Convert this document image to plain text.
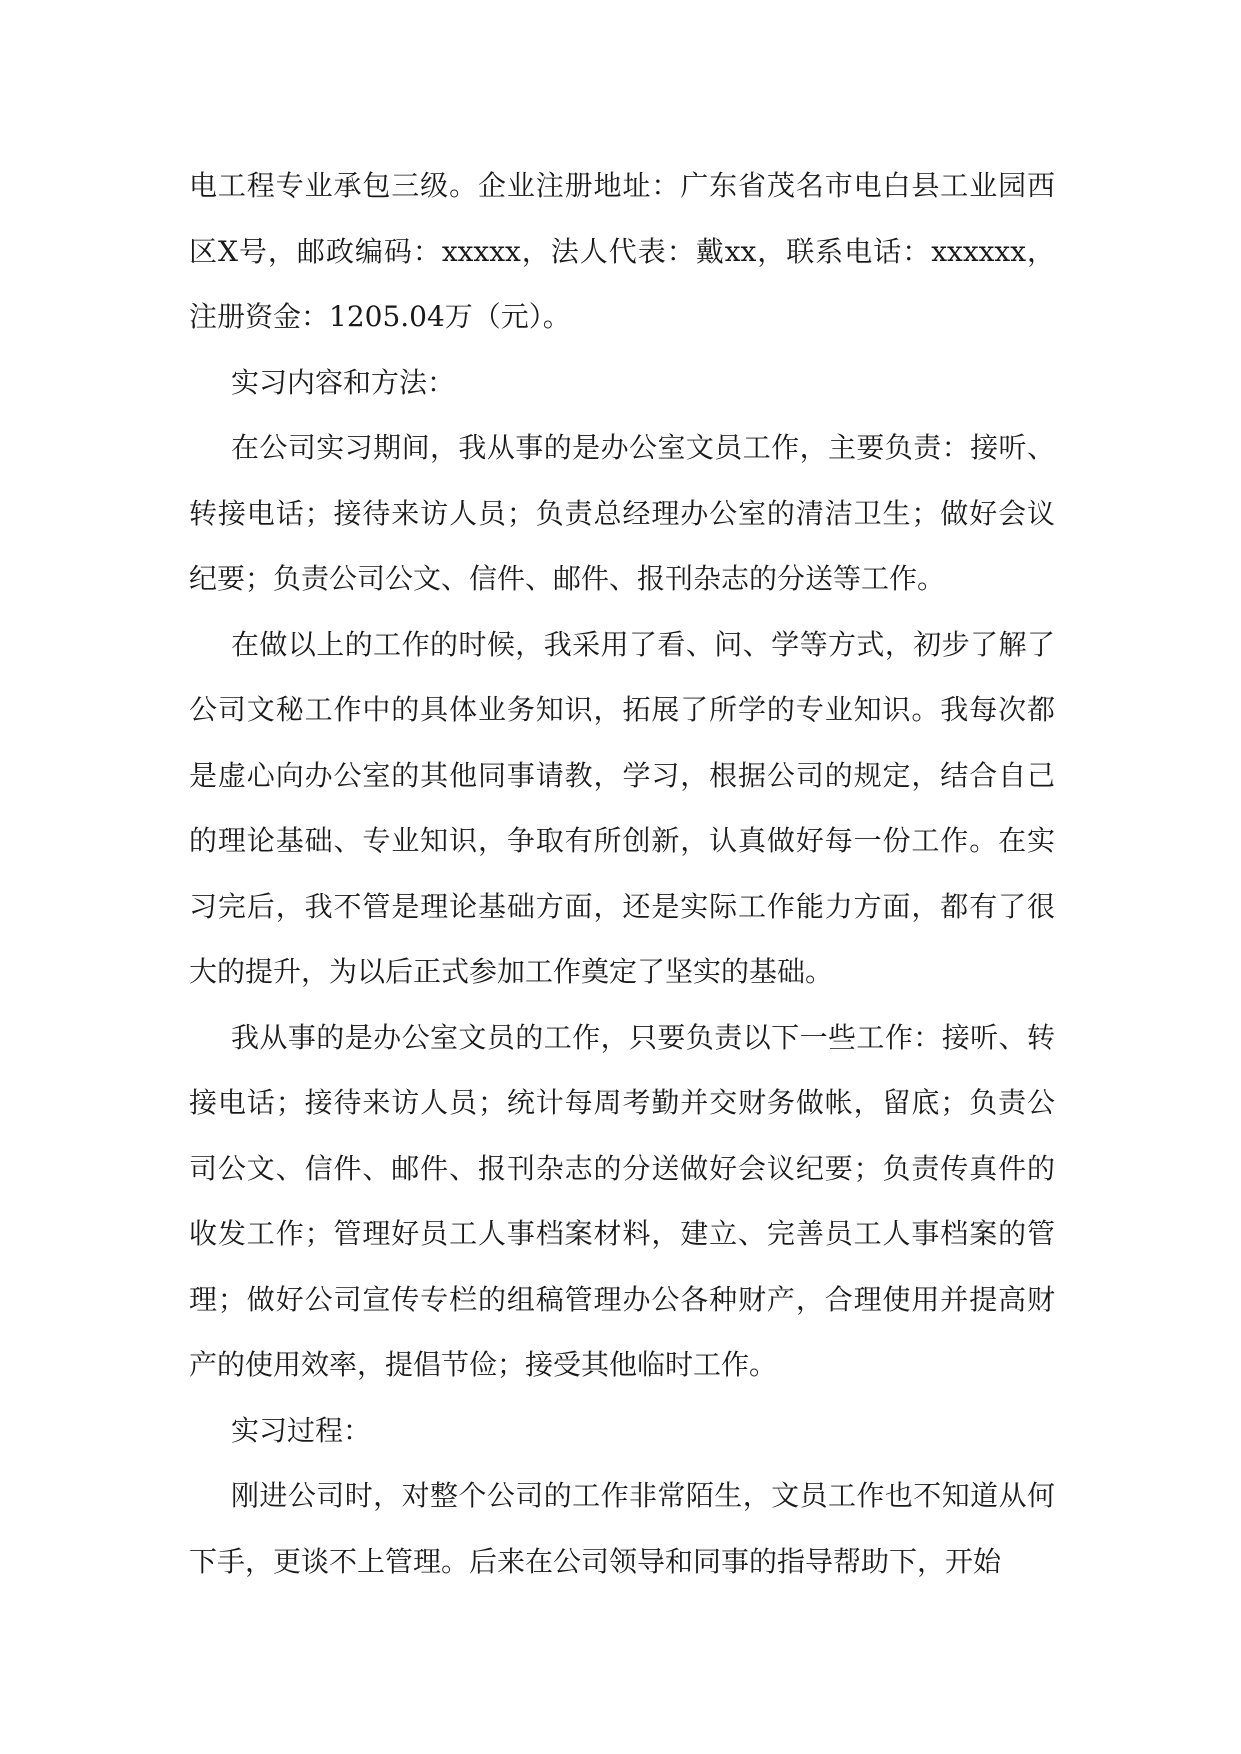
电工程专业承包三级。企业注册地址：广东省茂名市电白县工业园西区X号，邮政编码：xxxxx，法人代表：戴xx，联系电话：xxxxxx，注册资金：1205.04万（元）。

实习内容和方法：

在公司实习期间，我从事的是办公室文员工作，主要负责：接听、转接电话；接待来访人员；负责总经理办公室的清洁卫生；做好会议纪要；负责公司公文、信件、邮件、报刊杂志的分送等工作。

在做以上的工作的时候，我采用了看、问、学等方式，初步了解了公司文秘工作中的具体业务知识，拓展了所学的专业知识。我每次都是虚心向办公室的其他同事请教，学习，根据公司的规定，结合自己的理论基础、专业知识，争取有所创新，认真做好每一份工作。在实习完后，我不管是理论基础方面，还是实际工作能力方面，都有了很大的提升，为以后正式参加工作奠定了坚实的基础。

我从事的是办公室文员的工作，只要负责以下一些工作：接听、转接电话；接待来访人员；统计每周考勤并交财务做帐，留底；负责公司公文、信件、邮件、报刊杂志的分送做好会议纪要；负责传真件的收发工作；管理好员工人事档案材料，建立、完善员工人事档案的管理；做好公司宣传专栏的组稿管理办公各种财产，合理使用并提高财产的使用效率，提倡节俭；接受其他临时工作。

实习过程：

刚进公司时，对整个公司的工作非常陌生，文员工作也不知道从何下手，更谈不上管理。后来在公司领导和同事的指导帮助下，开始
